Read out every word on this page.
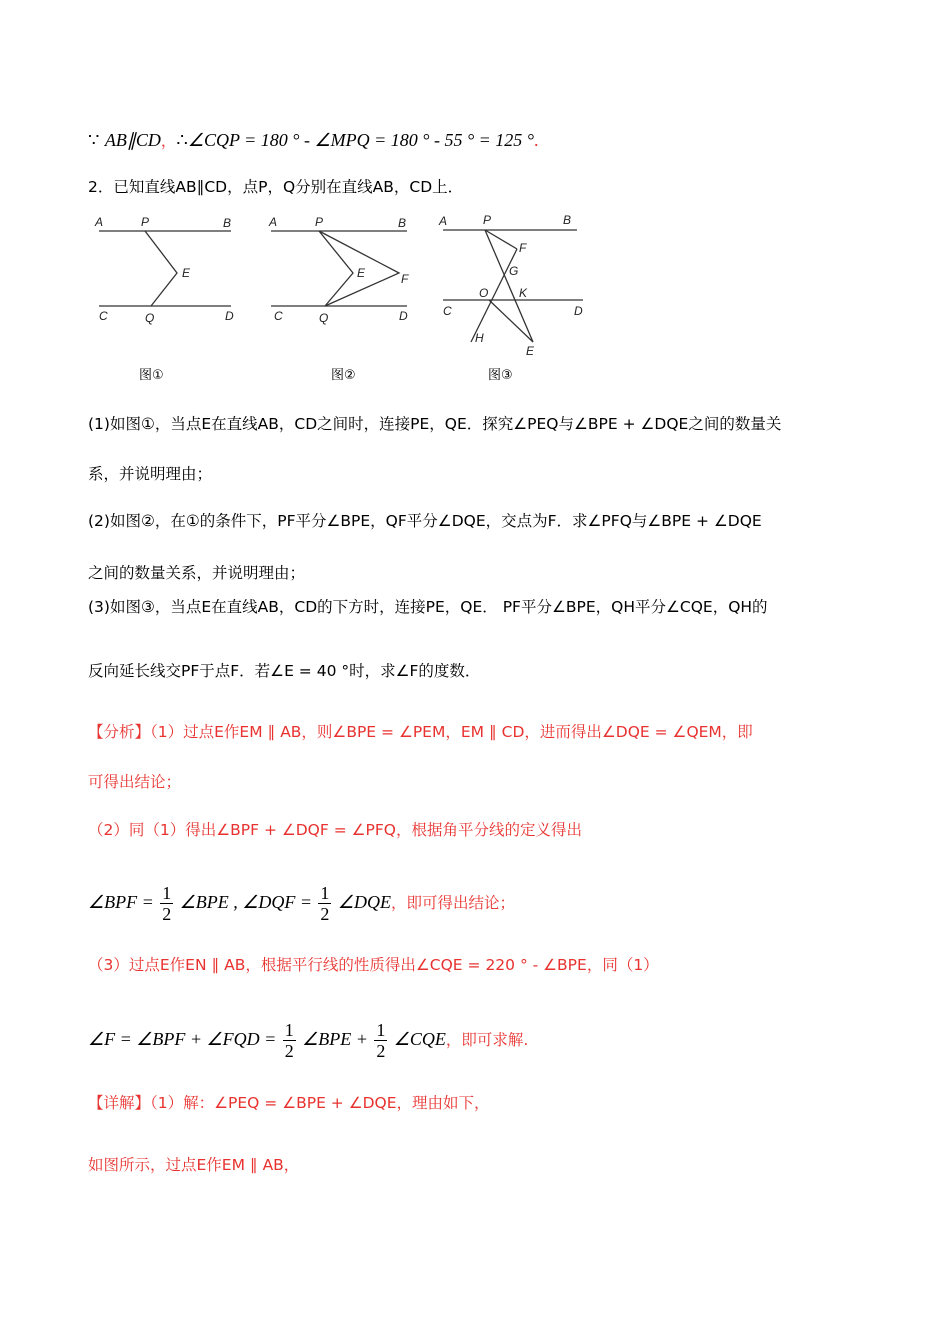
∵ AB∥CD，∴∠CQP = 180 ° - ∠MPQ = 180 ° - 55 ° = 125 °.
2．已知直线AB∥CD，点P，Q分别在直线AB，CD上．
A	P	B
E
C	Q	D
A	P	B
E	F
C	Q	D
A	P	B
F
G
O	K
C	D
H
E
图①	图②	图③
(1)如图①，当点E在直线AB，CD之间时，连接PE，QE．探究∠PEQ与∠BPE + ∠DQE之间的数量关
系，并说明理由；
(2)如图②，在①的条件下，PF平分∠BPE，QF平分∠DQE，交点为F．求∠PFQ与∠BPE + ∠DQE
之间的数量关系，并说明理由；
(3)如图③，当点E在直线AB，CD的下方时，连接PE，QE． PF平分∠BPE，QH平分∠CQE，QH的
反向延长线交PF于点F．若∠E = 40 °时，求∠F的度数．
【分析】（1）过点E作EM ∥ AB，则∠BPE = ∠PEM，EM ∥ CD，进而得出∠DQE = ∠QEM，即
可得出结论；
（2）同（1）得出∠BPF + ∠DQF = ∠PFQ，根据角平分线的定义得出
∠BPF = $\frac{1}{2}$ ∠BPE , ∠DQF = $\frac{1}{2}$ ∠DQE，即可得出结论；
（3）过点E作EN ∥ AB，根据平行线的性质得出∠CQE = 220 ° - ∠BPE，同（1）
∠F = ∠BPF + ∠FQD = $\frac{1}{2}$ ∠BPE + $\frac{1}{2}$ ∠CQE，即可求解.
【详解】（1）解：∠PEQ = ∠BPE + ∠DQE，理由如下，
如图所示，过点E作EM ∥ AB，
